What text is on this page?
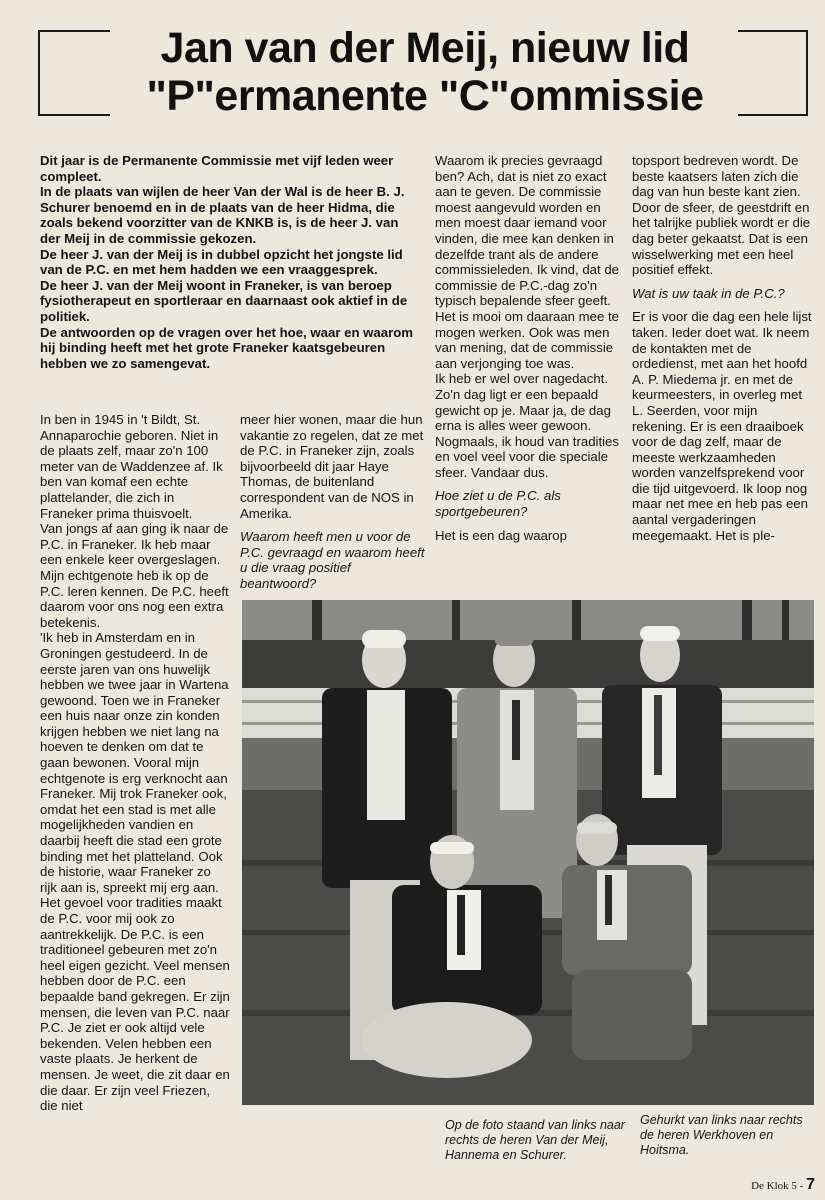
Jan van der Meij, nieuw lid
"P"ermanente "C"ommissie

Dit jaar is de Permanente Commissie met vijf leden weer compleet.

In de plaats van wijlen de heer Van der Wal is de heer B. J. Schurer benoemd en in de plaats van de heer Hidma, die zoals bekend voorzitter van de KNKB is, is de heer J. van der Meij in de commissie gekozen.

De heer J. van der Meij is in dubbel opzicht het jongste lid van de P.C. en met hem hadden we een vraaggesprek.

De heer J. van der Meij woont in Franeker, is van beroep fysiotherapeut en sportleraar en daarnaast ook aktief in de politiek.

De antwoorden op de vragen over het hoe, waar en waarom hij binding heeft met het grote Franeker kaatsgebeuren hebben we zo samengevat.

In ben in 1945 in 't Bildt, St. Annaparochie geboren. Niet in de plaats zelf, maar zo'n 100 meter van de Waddenzee af. Ik ben van komaf een echte plattelander, die zich in Franeker prima thuisvoelt.

Van jongs af aan ging ik naar de P.C. in Franeker. Ik heb maar een enkele keer overgeslagen.

Mijn echtgenote heb ik op de P.C. leren kennen. De P.C. heeft daarom voor ons nog een extra betekenis.

'Ik heb in Amsterdam en in Groningen gestudeerd. In de eerste jaren van ons huwelijk hebben we twee jaar in Wartena gewoond. Toen we in Franeker een huis naar onze zin konden krijgen hebben we niet lang na hoeven te denken om dat te gaan bewonen. Vooral mijn echtgenote is erg verknocht aan Franeker. Mij trok Franeker ook, omdat het een stad is met alle mogelijkheden vandien en daarbij heeft die stad een grote binding met het platteland. Ook de historie, waar Franeker zo rijk aan is, spreekt mij erg aan.

Het gevoel voor tradities maakt de P.C. voor mij ook zo aantrekkelijk. De P.C. is een traditioneel gebeuren met zo'n heel eigen gezicht. Veel mensen hebben door de P.C. een bepaalde band gekregen. Er zijn mensen, die leven van P.C. naar P.C. Je ziet er ook altijd vele bekenden. Velen hebben een vaste plaats. Je herkent de mensen. Je weet, die zit daar en die daar. Er zijn veel Friezen, die niet

meer hier wonen, maar die hun vakantie zo regelen, dat ze met de P.C. in Franeker zijn, zoals bijvoorbeeld dit jaar Haye Thomas, de buitenland correspondent van de NOS in Amerika.

Waarom heeft men u voor de P.C. gevraagd en waarom heeft u die vraag positief beantwoord?

Waarom ik precies gevraagd ben? Ach, dat is niet zo exact aan te geven. De commissie moest aangevuld worden en men moest daar iemand voor vinden, die mee kan denken in dezelfde trant als de andere commissieleden. Ik vind, dat de commissie de P.C.-dag zo'n typisch bepalende sfeer geeft. Het is mooi om daaraan mee te mogen werken. Ook was men van mening, dat de commissie aan verjonging toe was.

Ik heb er wel over nagedacht. Zo'n dag ligt er een bepaald gewicht op je. Maar ja, de dag erna is alles weer gewoon. Nogmaals, ik houd van tradities en voel veel voor die speciale sfeer. Vandaar dus.

Hoe ziet u de P.C. als sportgebeuren?

Het is een dag waarop

topsport bedreven wordt. De beste kaatsers laten zich die dag van hun beste kant zien. Door de sfeer, de geestdrift en het talrijke publiek wordt er die dag beter gekaatst. Dat is een wisselwerking met een heel positief effekt.

Wat is uw taak in de P.C.?

Er is voor die dag een hele lijst taken. Ieder doet wat. Ik neem de kontakten met de ordedienst, met aan het hoofd A. P. Miedema jr. en met de keurmeesters, in overleg met L. Seerden, voor mijn rekening. Er is een draaiboek voor de dag zelf, maar de meeste werkzaamheden worden vanzelfsprekend voor die tijd uitgevoerd. Ik loop nog maar net mee en heb pas een aantal vergaderingen meegemaakt. Het is ple-

Op de foto staand van links naar rechts de heren Van der Meij, Hannema en Schurer.
Gehurkt van links naar rechts de heren Werkhoven en Hoitsma.
De Klok 5 - 7
